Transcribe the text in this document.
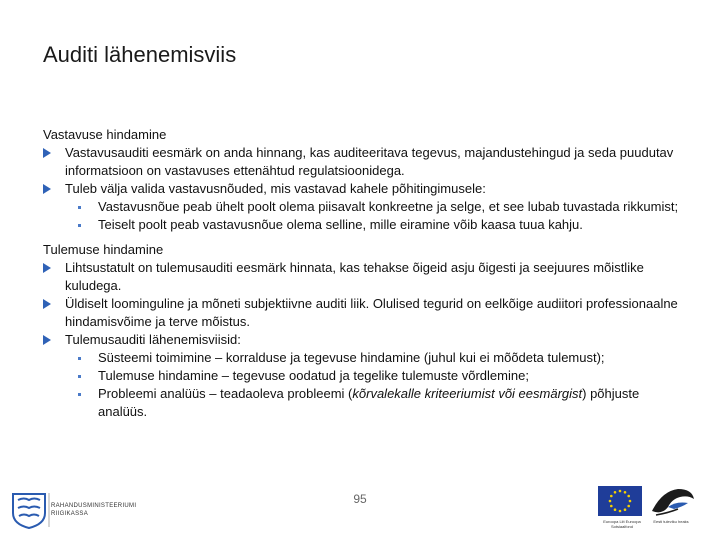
Auditi lähenemisviis

Vastavuse hindamine

Vastavusauditi eesmärk on anda hinnang, kas auditeeritava tegevus, majandustehingud ja seda puudutav informatsioon on vastavuses ettenähtud regulatsioonidega.

Tuleb välja valida vastavusnõuded, mis vastavad kahele põhitingimusele:

Vastavusnõue peab ühelt poolt olema piisavalt konkreetne ja selge, et see lubab tuvastada rikkumist;

Teiselt poolt peab vastavusnõue olema selline, mille eiramine võib kaasa tuua kahju.

Tulemuse hindamine

Lihtsustatult on tulemusauditi eesmärk hinnata, kas tehakse õigeid asju õigesti ja seejuures mõistlike kuludega.

Üldiselt loominguline ja mõneti subjektiivne auditi liik. Olulised tegurid on eelkõige audiitori professionaalne hindamisvõime ja terve mõistus.

Tulemusauditi lähenemisviisid:

Süsteemi toimimine – korralduse ja tegevuse hindamine (juhul kui ei mõõdeta tulemust);

Tulemuse hindamine – tegevuse oodatud ja tegelike tulemuste võrdlemine;

Probleemi analüüs – teadaoleva probleemi (kõrvalekalle kriteeriumist või eesmärgist) põhjuste analüüs.

95
RAHANDUSMINISTEERIUMI
RIIGIKASSA
Euroopa Liit Euroopa Sotsiaalfond
Eesti tuleviku heaks
